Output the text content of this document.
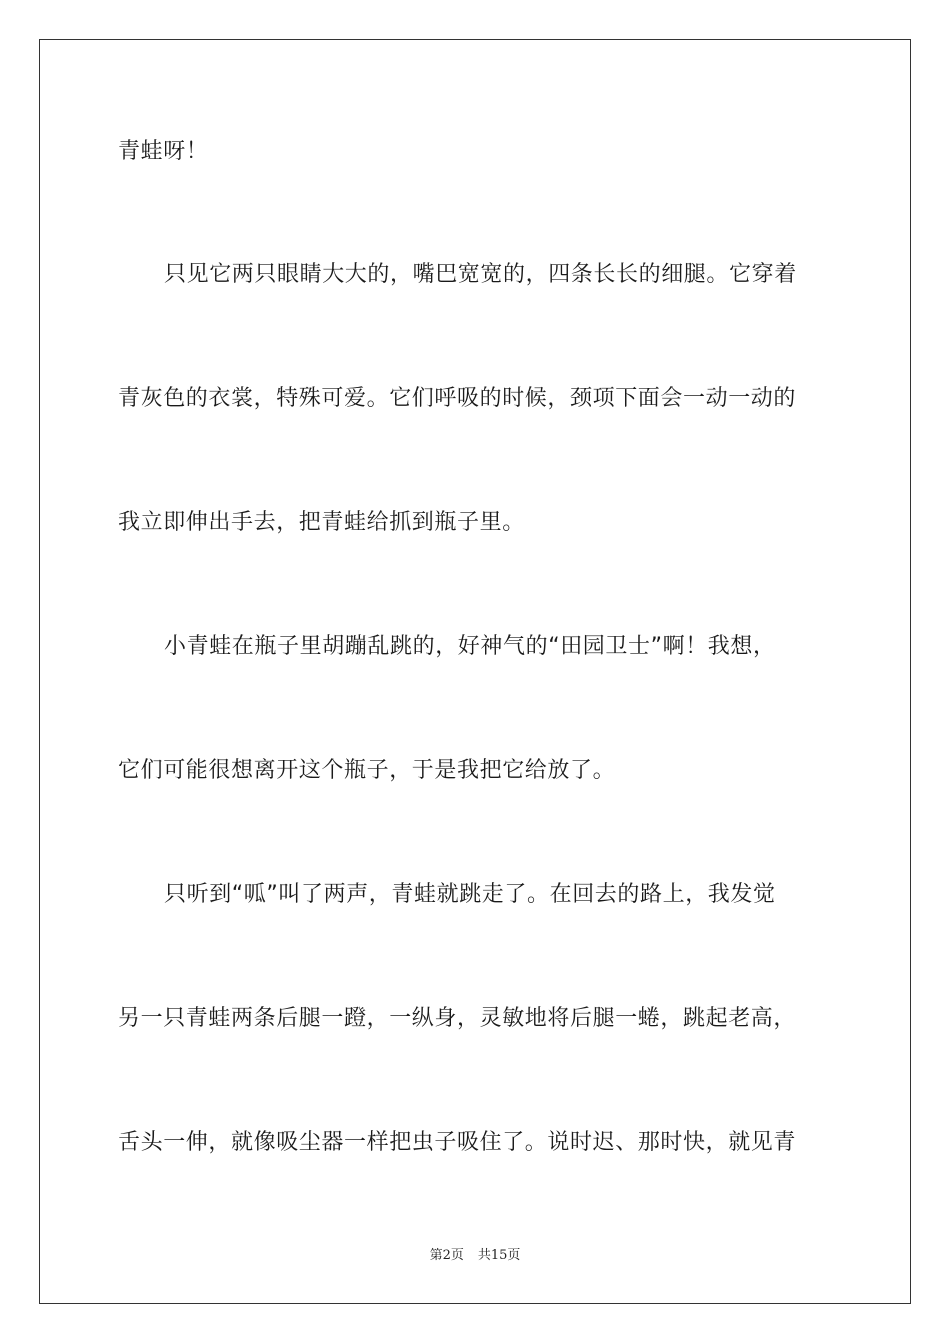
青蛙呀！
只见它两只眼睛大大的，嘴巴宽宽的，四条长长的细腿。它穿着
青灰色的衣裳，特殊可爱。它们呼吸的时候，颈项下面会一动一动的
我立即伸出手去，把青蛙给抓到瓶子里。
小青蛙在瓶子里胡蹦乱跳的，好神气的“田园卫士”啊！我想，
它们可能很想离开这个瓶子，于是我把它给放了。
只听到“呱”叫了两声，青蛙就跳走了。在回去的路上，我发觉
另一只青蛙两条后腿一蹬，一纵身，灵敏地将后腿一蜷，跳起老高，
舌头一伸，就像吸尘器一样把虫子吸住了。说时迟、那时快，就见青
第2页 共15页
